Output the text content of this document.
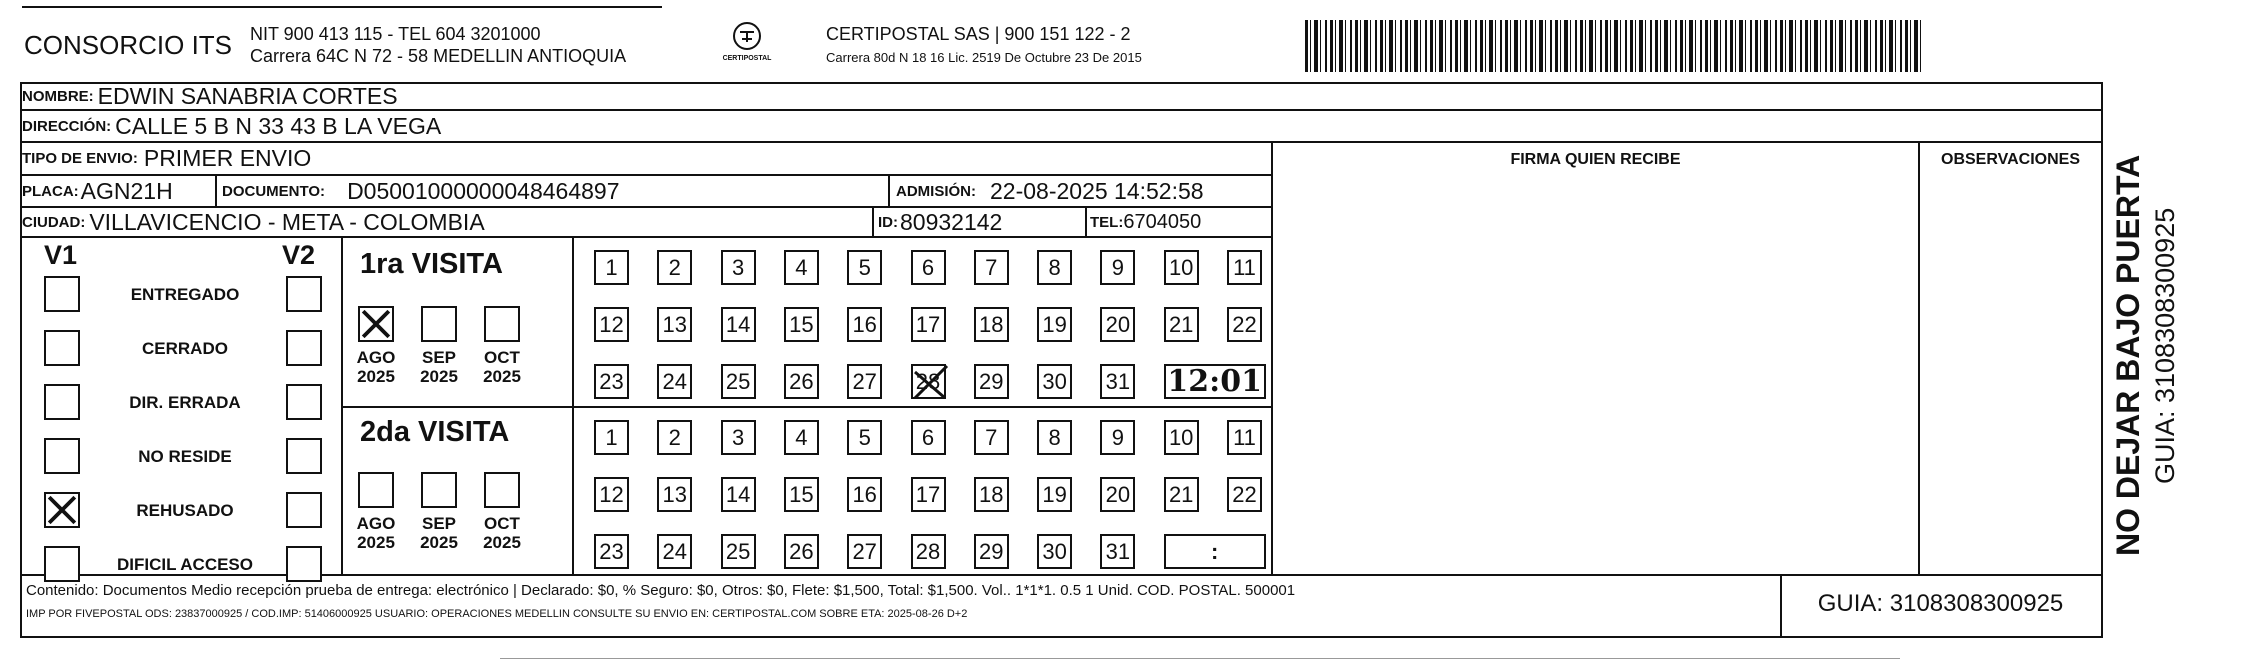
CONSORCIO ITS NIT 900 413 115 - TEL 604 3201000
Carrera 64C N 72 - 58 MEDELLIN ANTIOQUIA	CERTIPOSTAL
CERTIPOSTAL SAS | 900 151 122 - 2
Carrera 80d N 18 16 Lic. 2519 De Octubre 23 De 2015
NOMBRE: EDWIN SANABRIA CORTES
DIRECCIÓN: CALLE 5 B N 33 43 B LA VEGA
TIPO DE ENVIO: PRIMER ENVIO
PLACA: AGN21H	DOCUMENTO: D05001000000048464897	ADMISIÓN: 22-08-2025 14:52:58
CIUDAD: VILLAVICENCIO - META - COLOMBIA	ID: 80932142	TEL: 6704050
FIRMA QUIEN RECIBE	OBSERVACIONES
V1	V2
ENTREGADO
CERRADO
DIR. ERRADA
NO RESIDE
REHUSADO
DIFICIL ACCESO
1ra VISITA
2da VISITA
AGO
2025
SEP
2025
OCT
2025
AGO
2025
SEP
2025
OCT
2025
1	2	3	4	5	6	7	8	9	10 11
12 13 14 15 16 17 18 19 20 21 22
23 24 25 26 27 28 29 30 31 12:01
1	2	3	4	5	6	7	8	9	10 11
12 13 14 15 16 17 18 19 20 21 22
23 24 25 26 27 28 29 30 31	:
Contenido: Documentos Medio recepción prueba de entrega: electrónico | Declarado: $0, % Seguro: $0, Otros: $0, Flete: $1,500, Total: $1,500. Vol.. 1*1*1. 0.5 1 Unid. COD. POSTAL. 500001
IMP POR FIVEPOSTAL ODS: 23837000925 / COD.IMP: 51406000925 USUARIO: OPERACIONES MEDELLIN CONSULTE SU ENVIO EN: CERTIPOSTAL.COM SOBRE ETA: 2025-08-26 D+2	GUIA: 3108308300925
NO DEJAR BAJO PUERTA GUIA: 3108308300925
